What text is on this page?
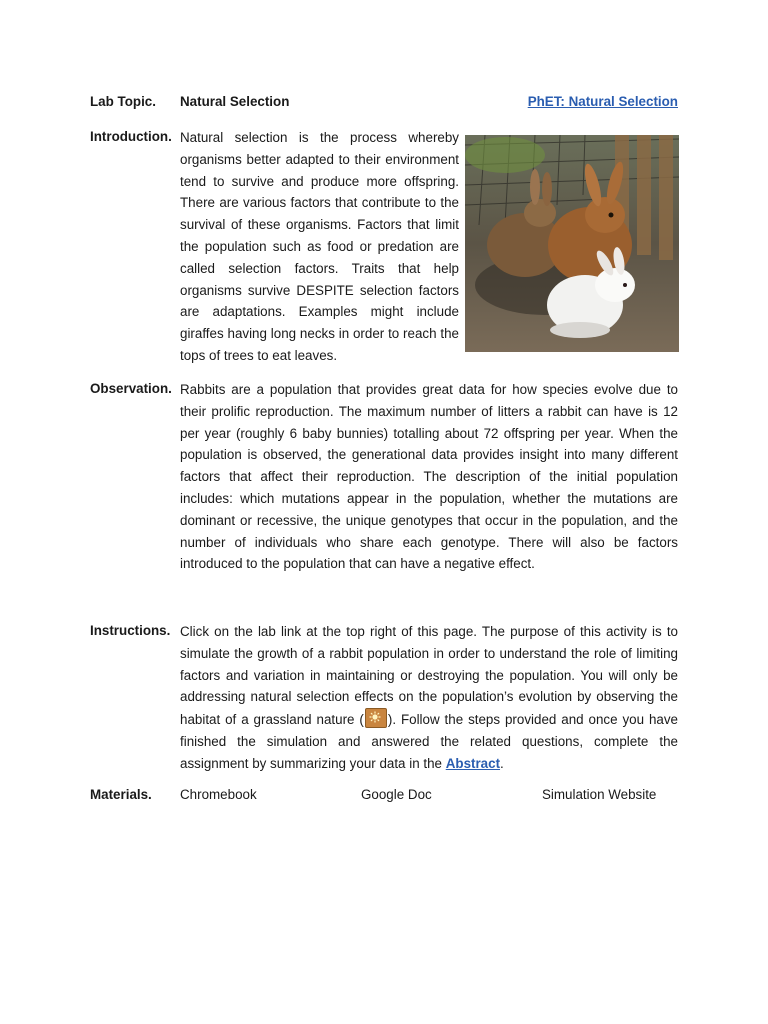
Lab Topic. Natural Selection	PhET: Natural Selection
Introduction. Natural selection is the process whereby organisms better adapted to their environment tend to survive and produce more offspring. There are various factors that contribute to the survival of these organisms. Factors that limit the population such as food or predation are called selection factors. Traits that help organisms survive DESPITE selection factors are adaptations. Examples might include giraffes having long necks in order to reach the tops of trees to eat leaves.
Observation. Rabbits are a population that provides great data for how species evolve due to their prolific reproduction. The maximum number of litters a rabbit can have is 12 per year (roughly 6 baby bunnies) totalling about 72 offspring per year. When the population is observed, the generational data provides insight into many different factors that affect their reproduction. The description of the initial population includes: which mutations appear in the population, whether the mutations are dominant or recessive, the unique genotypes that occur in the population, and the number of individuals who share each genotype. There will also be factors introduced to the population that can have a negative effect.
Instructions. Click on the lab link at the top right of this page. The purpose of this activity is to simulate the growth of a rabbit population in order to understand the role of limiting factors and variation in maintaining or destroying the population. You will only be addressing natural selection effects on the population’s evolution by observing the habitat of a grassland nature ( ). Follow the steps provided and once you have finished the simulation and answered the related questions, complete the assignment by summarizing your data in the Abstract.
Materials. Chromebook	Google Doc	Simulation Website
